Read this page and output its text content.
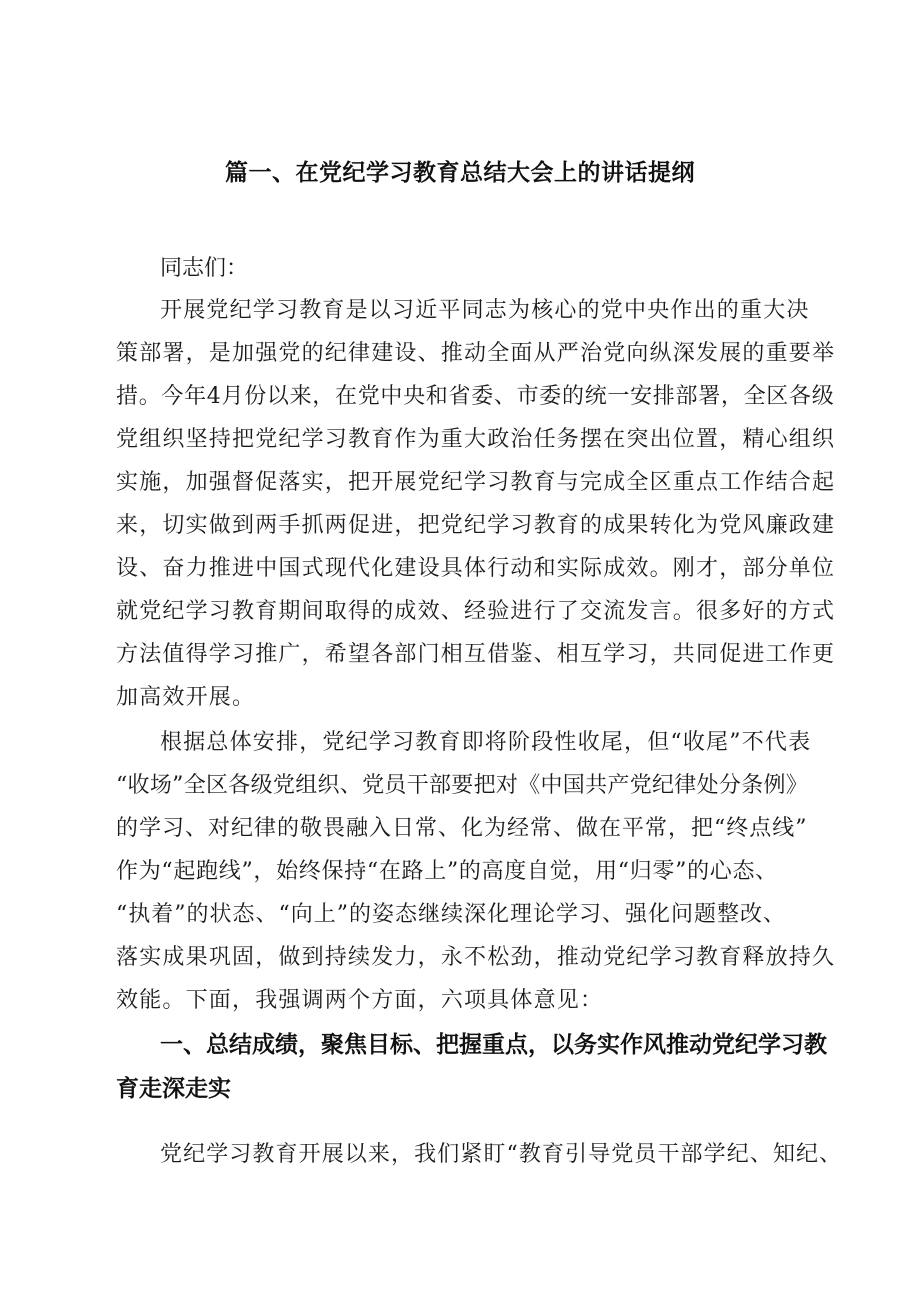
篇一、在党纪学习教育总结大会上的讲话提纲
同志们：
开展党纪学习教育是以习近平同志为核心的党中央作出的重大决
策部署，是加强党的纪律建设、推动全面从严治党向纵深发展的重要举
措。今年4月份以来，在党中央和省委、市委的统一安排部署，全区各级
党组织坚持把党纪学习教育作为重大政治任务摆在突出位置，精心组织
实施，加强督促落实，把开展党纪学习教育与完成全区重点工作结合起
来，切实做到两手抓两促进，把党纪学习教育的成果转化为党风廉政建
设、奋力推进中国式现代化建设具体行动和实际成效。刚才，部分单位
就党纪学习教育期间取得的成效、经验进行了交流发言。很多好的方式
方法值得学习推广，希望各部门相互借鉴、相互学习，共同促进工作更
加高效开展。
根据总体安排，党纪学习教育即将阶段性收尾，但“收尾”不代表
“收场”全区各级党组织、党员干部要把对《中国共产党纪律处分条例》
的学习、对纪律的敬畏融入日常、化为经常、做在平常，把“终点线”
作为“起跑线”，始终保持“在路上”的高度自觉，用“归零”的心态、
“执着”的状态、“向上”的姿态继续深化理论学习、强化问题整改、
落实成果巩固，做到持续发力，永不松劲，推动党纪学习教育释放持久
效能。下面，我强调两个方面，六项具体意见：
一、总结成绩，聚焦目标、把握重点，以务实作风推动党纪学习教
育走深走实
党纪学习教育开展以来，我们紧盯“教育引导党员干部学纪、知纪、
